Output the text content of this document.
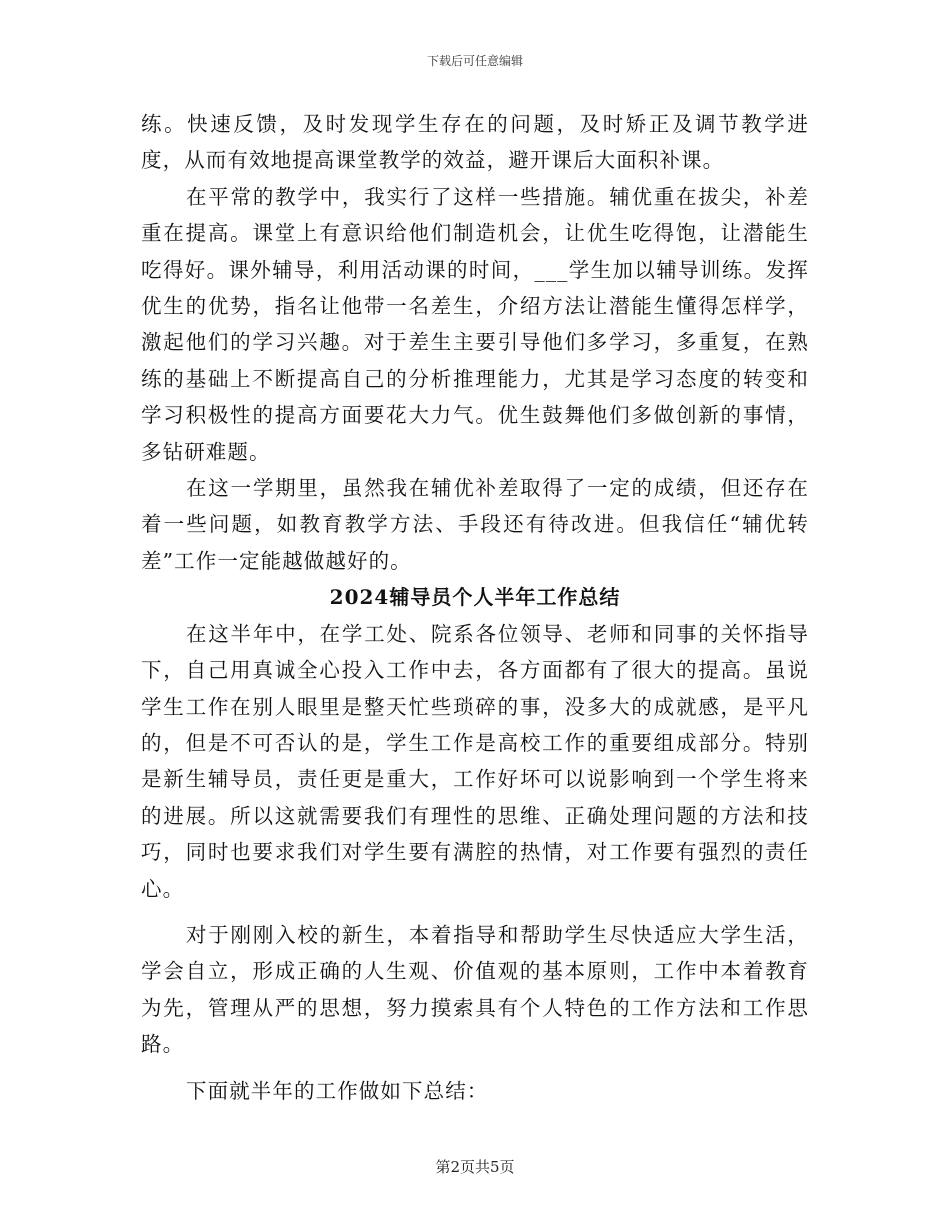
下载后可任意编辑

练。快速反馈，及时发现学生存在的问题，及时矫正及调节教学进度，从而有效地提高课堂教学的效益，避开课后大面积补课。

在平常的教学中，我实行了这样一些措施。辅优重在拔尖，补差重在提高。课堂上有意识给他们制造机会，让优生吃得饱，让潜能生吃得好。课外辅导，利用活动课的时间，___学生加以辅导训练。发挥优生的优势，指名让他带一名差生，介绍方法让潜能生懂得怎样学，激起他们的学习兴趣。对于差生主要引导他们多学习，多重复，在熟练的基础上不断提高自己的分析推理能力，尤其是学习态度的转变和学习积极性的提高方面要花大力气。优生鼓舞他们多做创新的事情，多钻研难题。

在这一学期里，虽然我在辅优补差取得了一定的成绩，但还存在着一些问题，如教育教学方法、手段还有待改进。但我信任“辅优转差”工作一定能越做越好的。

2024辅导员个人半年工作总结

在这半年中，在学工处、院系各位领导、老师和同事的关怀指导下，自己用真诚全心投入工作中去，各方面都有了很大的提高。虽说学生工作在别人眼里是整天忙些琐碎的事，没多大的成就感，是平凡的，但是不可否认的是，学生工作是高校工作的重要组成部分。特别是新生辅导员，责任更是重大，工作好坏可以说影响到一个学生将来的进展。所以这就需要我们有理性的思维、正确处理问题的方法和技巧，同时也要求我们对学生要有满腔的热情，对工作要有强烈的责任心。

对于刚刚入校的新生，本着指导和帮助学生尽快适应大学生活，学会自立，形成正确的人生观、价值观的基本原则，工作中本着教育为先，管理从严的思想，努力摸索具有个人特色的工作方法和工作思路。

下面就半年的工作做如下总结：

第2页共5页
